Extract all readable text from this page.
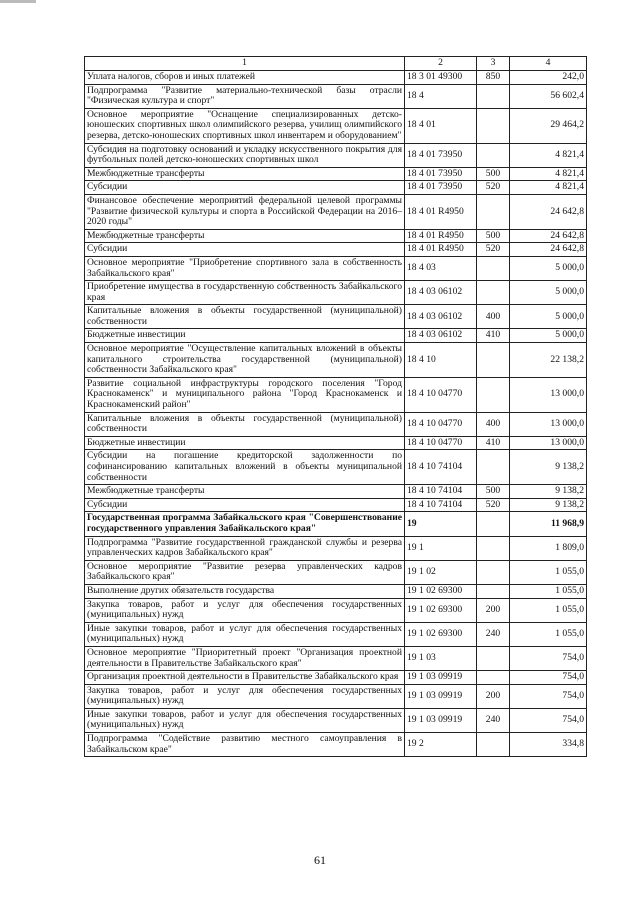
1	2	3	4
Уплата налогов, сборов и иных платежей	18 3 01 49300	850	242,0
Подпрограмма "Развитие материально-технической базы отрасли "Физическая культура и спорт"	18 4		56 602,4
Основное мероприятие "Оснащение специализированных детско-юношеских спортивных школ олимпийского резерва, училищ олимпийского резерва, детско-юношеских спортивных школ инвентарем и оборудованием"	18 4 01		29 464,2
Субсидия на подготовку оснований и укладку искусственного покрытия для футбольных полей детско-юношеских спортивных школ	18 4 01 73950		4 821,4
Межбюджетные трансферты	18 4 01 73950	500	4 821,4
Субсидии	18 4 01 73950	520	4 821,4
Финансовое обеспечение мероприятий федеральной целевой программы "Развитие физической культуры и спорта в Российской Федерации на 2016–2020 годы"	18 4 01 R4950		24 642,8
Межбюджетные трансферты	18 4 01 R4950	500	24 642,8
Субсидии	18 4 01 R4950	520	24 642,8
Основное мероприятие "Приобретение спортивного зала в собственность Забайкальского края"	18 4 03		5 000,0
Приобретение имущества в государственную собственность Забайкальского края	18 4 03 06102		5 000,0
Капитальные вложения в объекты государственной (муниципальной) собственности	18 4 03 06102	400	5 000,0
Бюджетные инвестиции	18 4 03 06102	410	5 000,0
Основное мероприятие "Осуществление капитальных вложений в объекты капитального строительства государственной (муниципальной) собственности Забайкальского края"	18 4 10		22 138,2
Развитие социальной инфраструктуры городского поселения "Город Краснокаменск" и муниципального района "Город Краснокаменск и Краснокаменский район"	18 4 10 04770		13 000,0
Капитальные вложения в объекты государственной (муниципальной) собственности	18 4 10 04770	400	13 000,0
Бюджетные инвестиции	18 4 10 04770	410	13 000,0
Субсидии на погашение кредиторской задолженности по софинансированию капитальных вложений в объекты муниципальной собственности	18 4 10 74104		9 138,2
Межбюджетные трансферты	18 4 10 74104	500	9 138,2
Субсидии	18 4 10 74104	520	9 138,2
Государственная программа Забайкальского края "Совершенствование государственного управления Забайкальского края"	19		11 968,9
Подпрограмма "Развитие государственной гражданской службы и резерва управленческих кадров Забайкальского края"	19 1		1 809,0
Основное мероприятие "Развитие резерва управленческих кадров Забайкальского края"	19 1 02		1 055,0
Выполнение других обязательств государства	19 1 02 69300		1 055,0
Закупка товаров, работ и услуг для обеспечения государственных (муниципальных) нужд	19 1 02 69300	200	1 055,0
Иные закупки товаров, работ и услуг для обеспечения государственных (муниципальных) нужд	19 1 02 69300	240	1 055,0
Основное мероприятие "Приоритетный проект "Организация проектной деятельности в Правительстве Забайкальского края"	19 1 03		754,0
Организация проектной деятельности в Правительстве Забайкальского края	19 1 03 09919		754,0
Закупка товаров, работ и услуг для обеспечения государственных (муниципальных) нужд	19 1 03 09919	200	754,0
Иные закупки товаров, работ и услуг для обеспечения государственных (муниципальных) нужд	19 1 03 09919	240	754,0
Подпрограмма "Содействие развитию местного самоуправления в Забайкальском крае"	19 2		334,8
61
